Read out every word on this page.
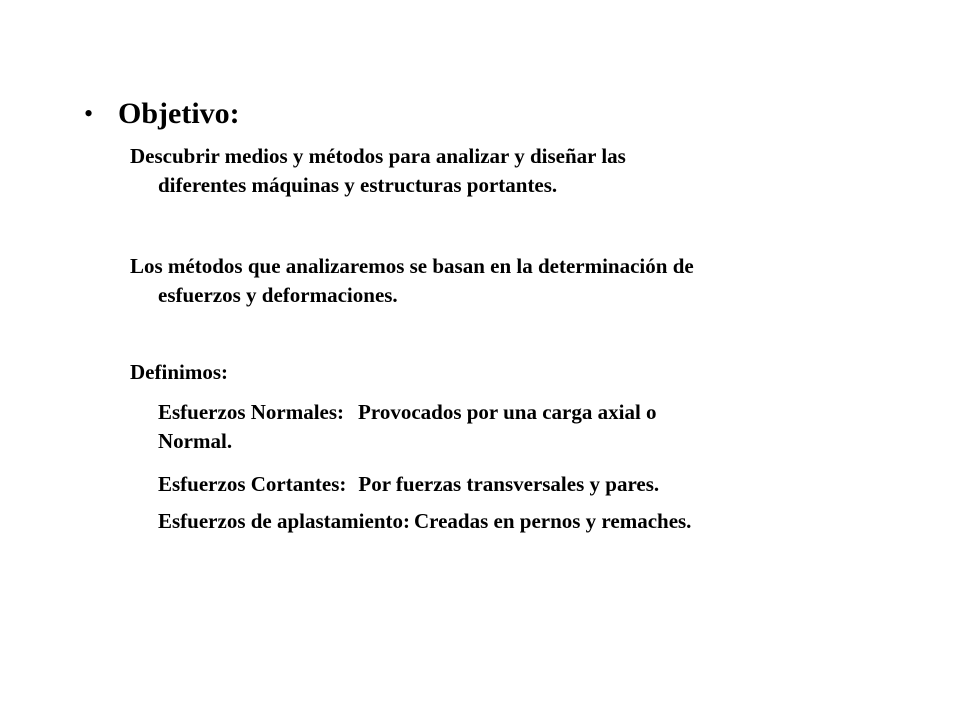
• Objetivo:

Descubrir medios y métodos para analizar y diseñar las
diferentes máquinas y estructuras portantes.

Los métodos que analizaremos se basan en la determinación de
esfuerzos y deformaciones.

Definimos:

Esfuerzos Normales: Provocados por una carga axial o
Normal.

Esfuerzos Cortantes: Por fuerzas transversales y pares.

Esfuerzos de aplastamiento: Creadas en pernos y remaches.
